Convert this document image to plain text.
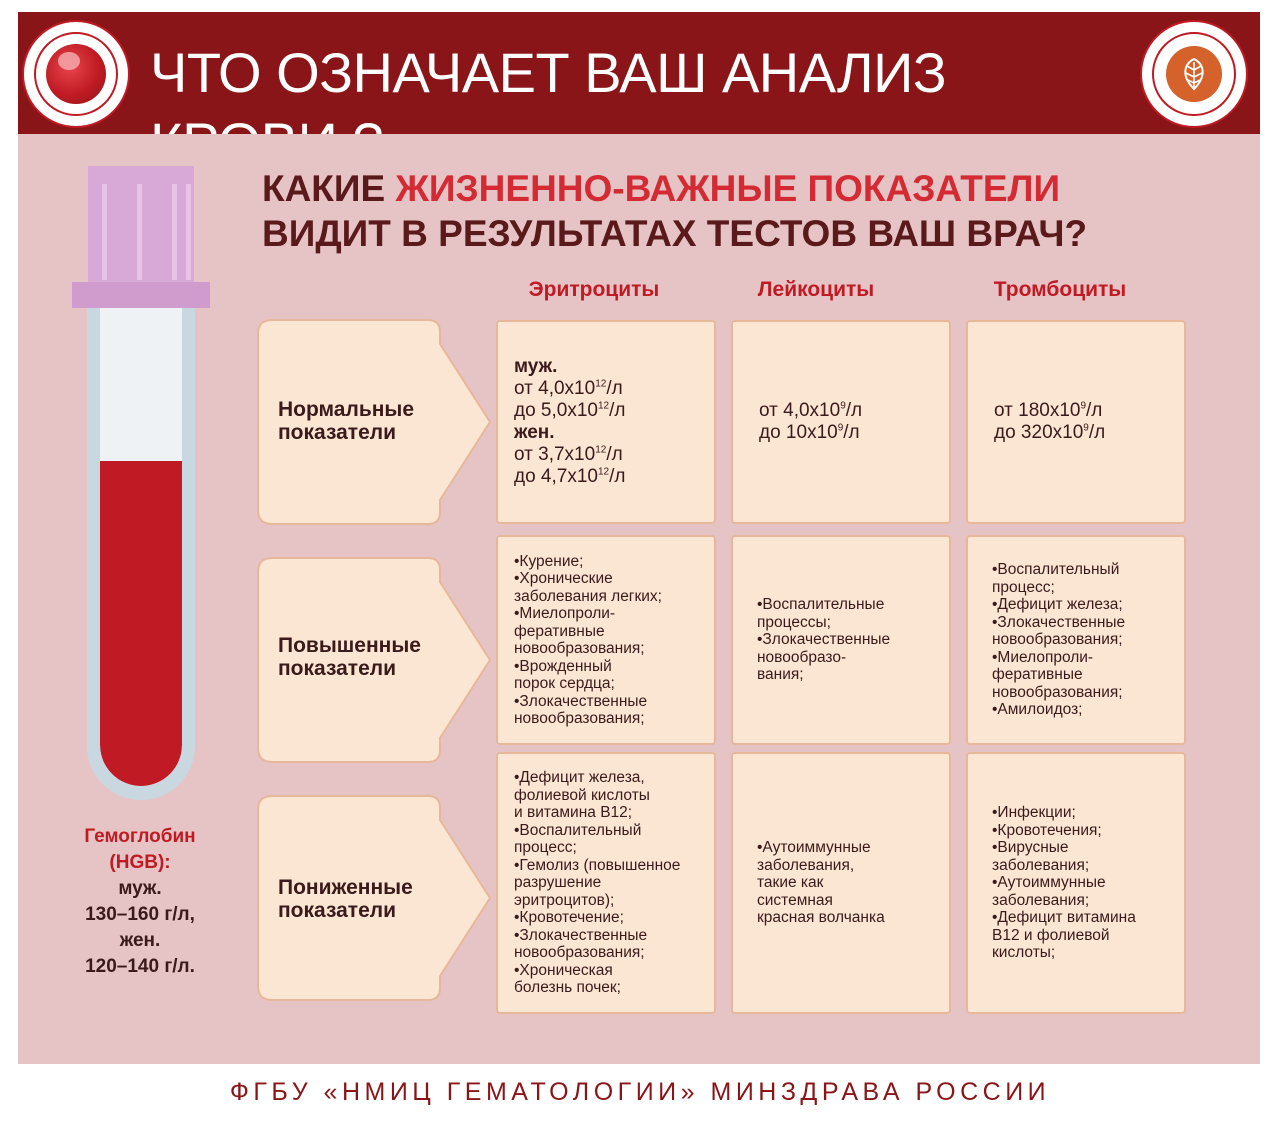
ЧТО ОЗНАЧАЕТ ВАШ АНАЛИЗ
КАКИЕ ЖИЗНЕННО-ВАЖНЫЕ ПОКАЗАТЕЛИ
ВИДИТ В РЕЗУЛЬТАТАХ ТЕСТОВ ВАШ ВРАЧ?
Гемоглобин
(HGB):
муж.
130–160 г/л,
жен.
120–140 г/л.
Эритроциты	Лейкоциты	Тромбоциты
Нормальные
показатели
Повышенные
показатели
Пониженные
показатели
муж.
от $4,0х10^{12}/л$
до $5,0х10^{12}/л$
жен.
от $3,7х10^{12}/л$
до $4,7х10^{12}/л$
от $4,0х10^9/л$
до $10х10^9/л$
от $180х10^9/л$
до $320х10^9/л$
•Курение;
•Хронические
заболевания легких;
•Миелопроли-
феративные
новообразования;
•Врожденный
порок сердца;
•Злокачественные
новообразования;
•Воспалительные
процессы;
•Злокачественные
новообразо-
вания;
•Воспалительный
процесс;
•Дефицит железа;
•Злокачественные
новообразования;
•Миелопроли-
феративные
новообразования;
•Амилоидоз;
•Дефицит железа,
фолиевой кислоты
и витамина В12;
•Воспалительный
процесс;
•Гемолиз (повышенное
разрушение
эритроцитов);
•Кровотечение;
•Злокачественные
новообразования;
•Хроническая
болезнь почек;
•Аутоиммунные
заболевания,
такие как
системная
красная волчанка
•Инфекции;
•Кровотечения;
•Вирусные
заболевания;
•Аутоиммунные
заболевания;
•Дефицит витамина
В12 и фолиевой
кислоты;
ФГБУ «НМИЦ ГЕМАТОЛОГИИ» МИНЗДРАВА РОССИИ
